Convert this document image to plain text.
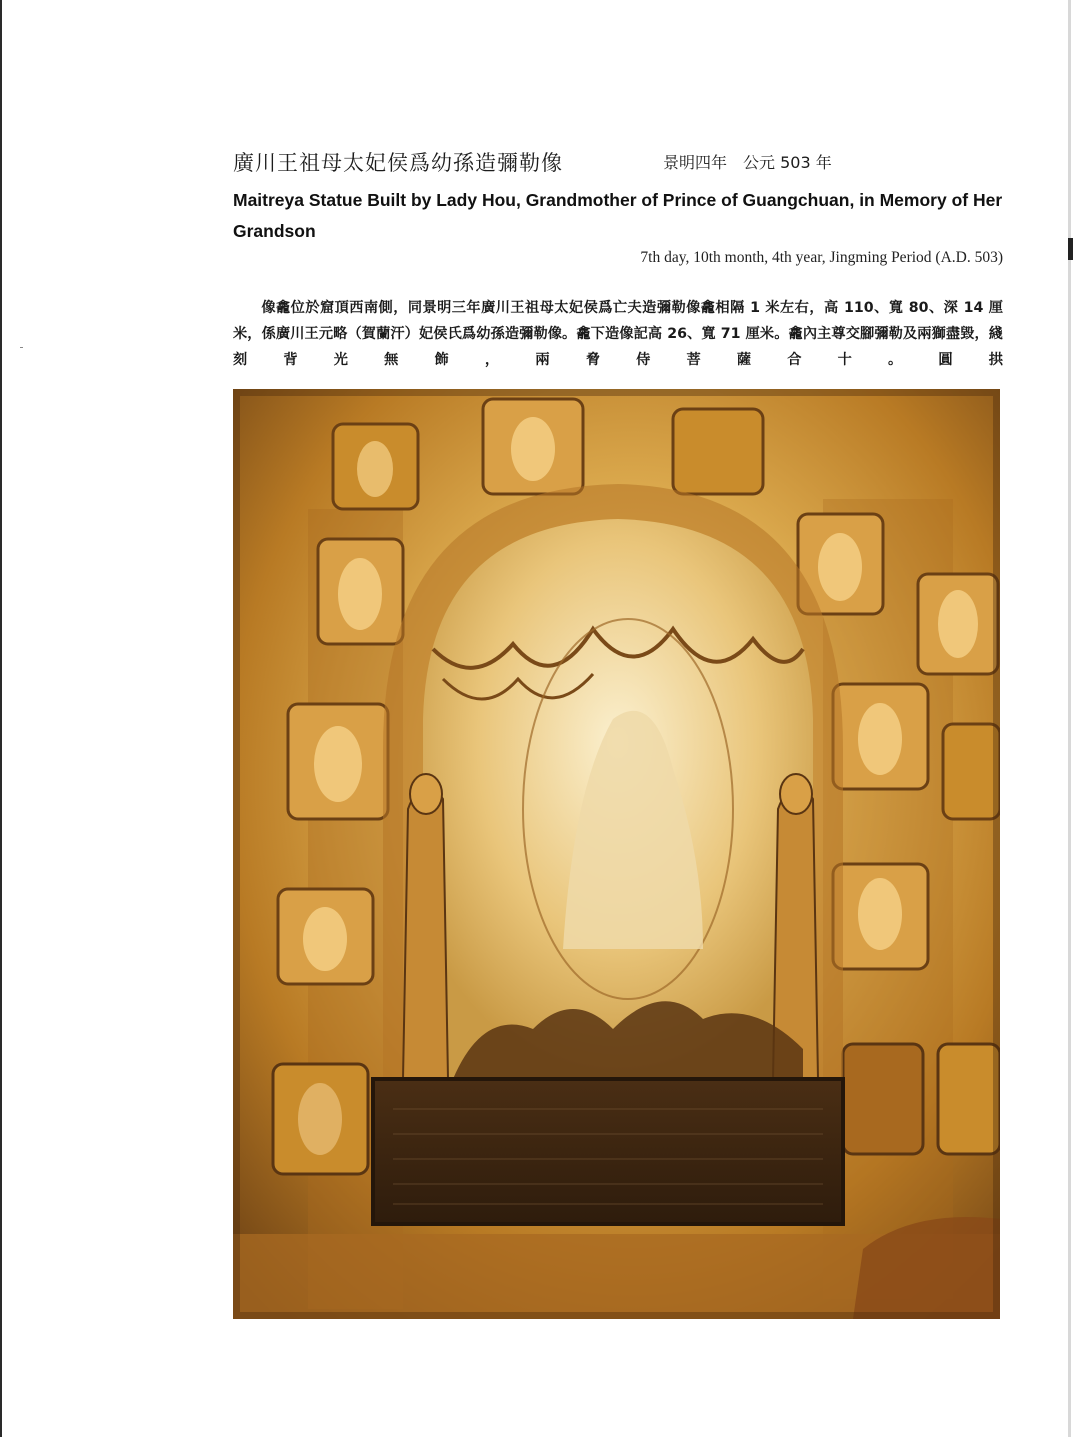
廣川王祖母太妃侯爲幼孫造彌勒像	景明四年　公元 503 年
Maitreya Statue Built by Lady Hou, Grandmother of Prince of Guangchuan, in Memory of Her Grandson
7th day, 10th month, 4th year, Jingming Period (A.D. 503)

像龕位於窟頂西南側，同景明三年廣川王祖母太妃侯爲亡夫造彌勒像龕相隔 1 米左右，高 110、寬 80、深 14 厘米，係廣川王元略（賀蘭汗）妃侯氏爲幼孫造彌勒像。龕下造像記高 26、寬 71 厘米。龕內主尊交腳彌勒及兩獅盡毀，綫刻背光無飾，兩脅侍菩薩合十。圓拱
